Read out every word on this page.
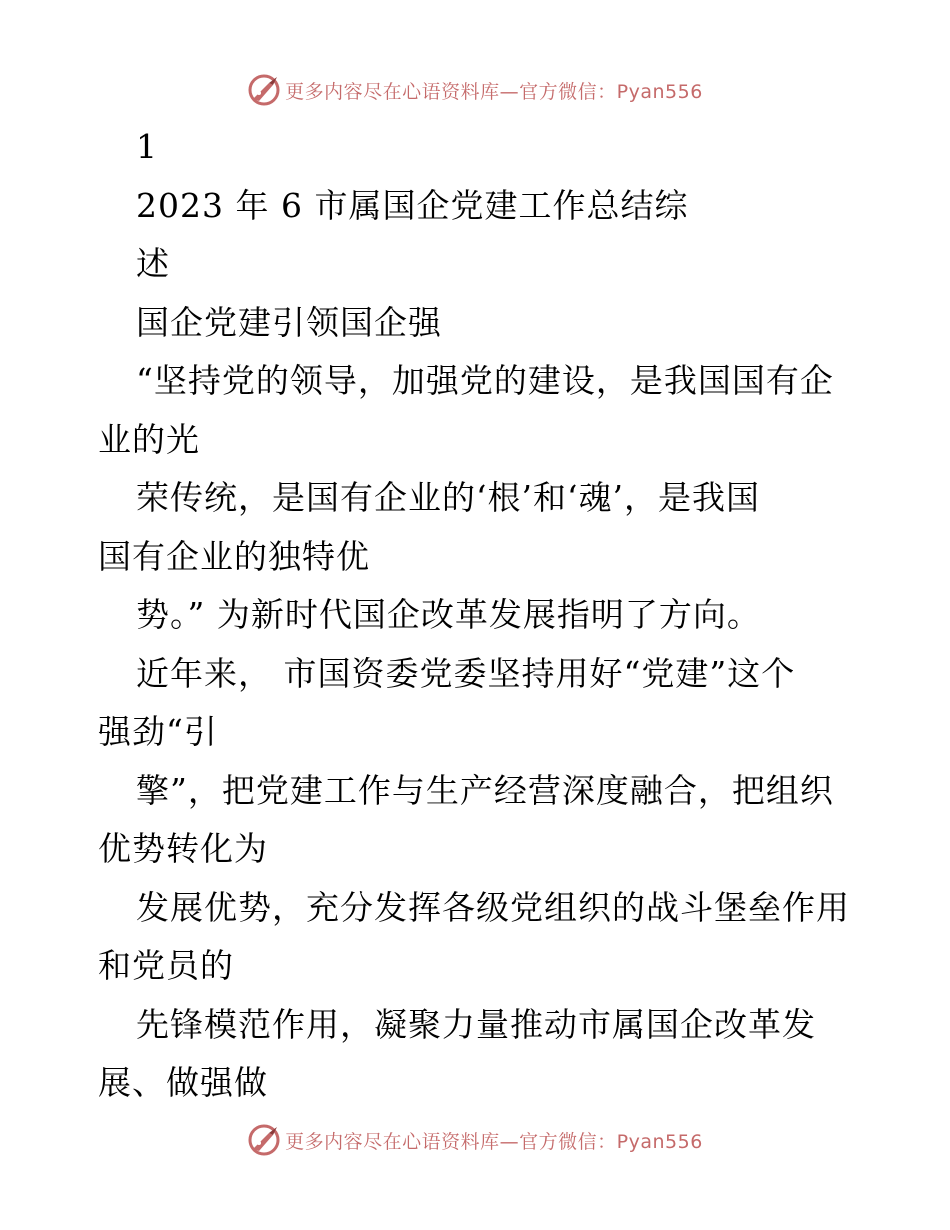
更多内容尽在心语资料库—官方微信：Pyan556
1
2023 年 6 市属国企党建工作总结综
述
国企党建引领国企强
“坚持党的领导，加强党的建设，是我国国有企
业的光
荣传统，是国有企业的‘根’和‘魂’，是我国
国有企业的独特优
势。” 为新时代国企改革发展指明了方向。
近年来， 市国资委党委坚持用好“党建”这个
强劲“引
擎”，把党建工作与生产经营深度融合，把组织
优势转化为
发展优势，充分发挥各级党组织的战斗堡垒作用
和党员的
先锋模范作用，凝聚力量推动市属国企改革发
展、做强做
更多内容尽在心语资料库—官方微信：Pyan556
